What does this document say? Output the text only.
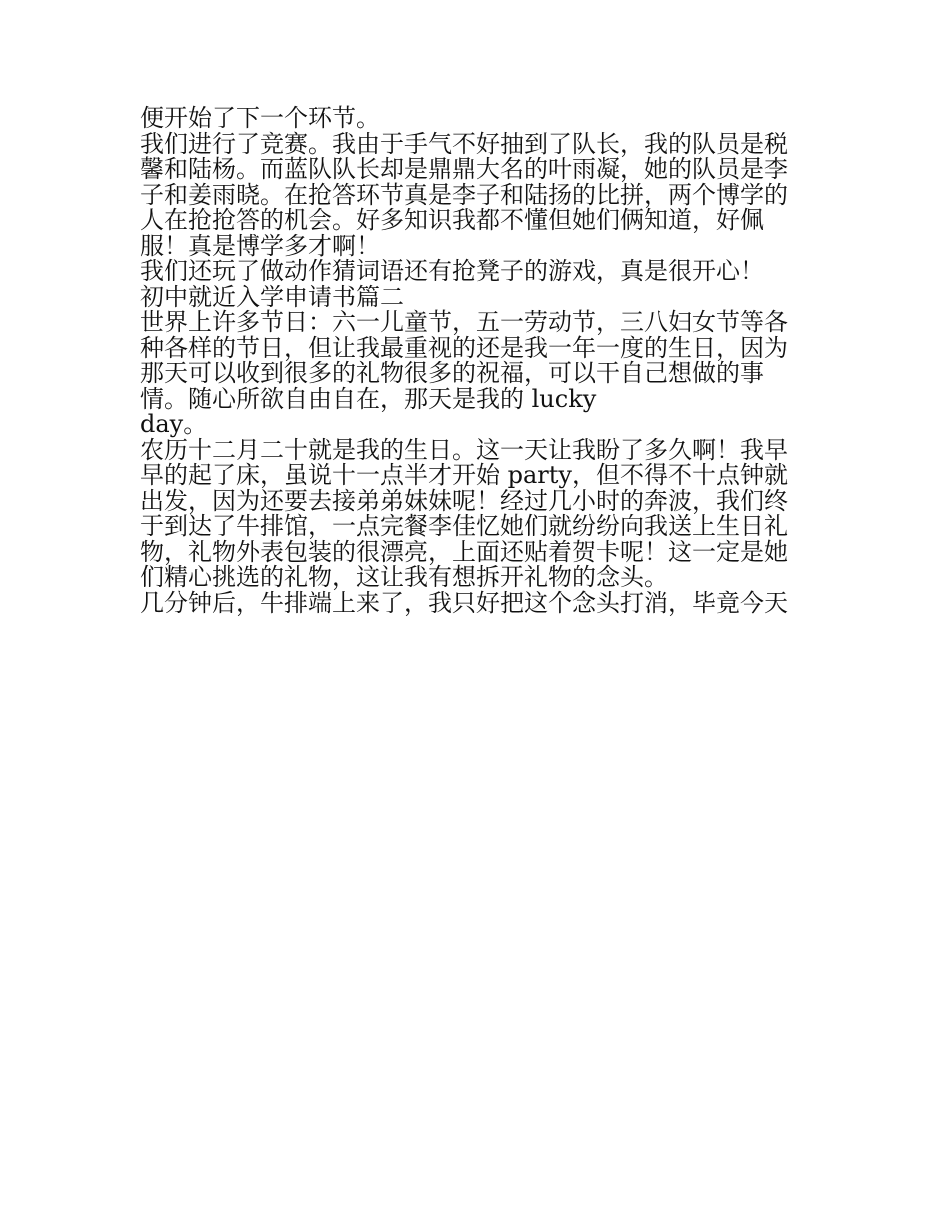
便开始了下一个环节。

我们进行了竞赛。我由于手气不好抽到了队长，我的队员是税

馨和陆杨。而蓝队队长却是鼎鼎大名的叶雨凝，她的队员是李

子和姜雨晓。在抢答环节真是李子和陆扬的比拼，两个博学的

人在抢抢答的机会。好多知识我都不懂但她们俩知道，好佩

服！真是博学多才啊！

我们还玩了做动作猜词语还有抢凳子的游戏，真是很开心！

初中就近入学申请书篇二

世界上许多节日：六一儿童节，五一劳动节，三八妇女节等各

种各样的节日，但让我最重视的还是我一年一度的生日，因为

那天可以收到很多的礼物很多的祝福，可以干自己想做的事

情。随心所欲自由自在，那天是我的 lucky

day。

农历十二月二十就是我的生日。这一天让我盼了多久啊！我早

早的起了床，虽说十一点半才开始 party，但不得不十点钟就

出发，因为还要去接弟弟妹妹呢！经过几小时的奔波，我们终

于到达了牛排馆，一点完餐李佳忆她们就纷纷向我送上生日礼

物，礼物外表包装的很漂亮，上面还贴着贺卡呢！这一定是她

们精心挑选的礼物，这让我有想拆开礼物的念头。

几分钟后，牛排端上来了，我只好把这个念头打消，毕竟今天
